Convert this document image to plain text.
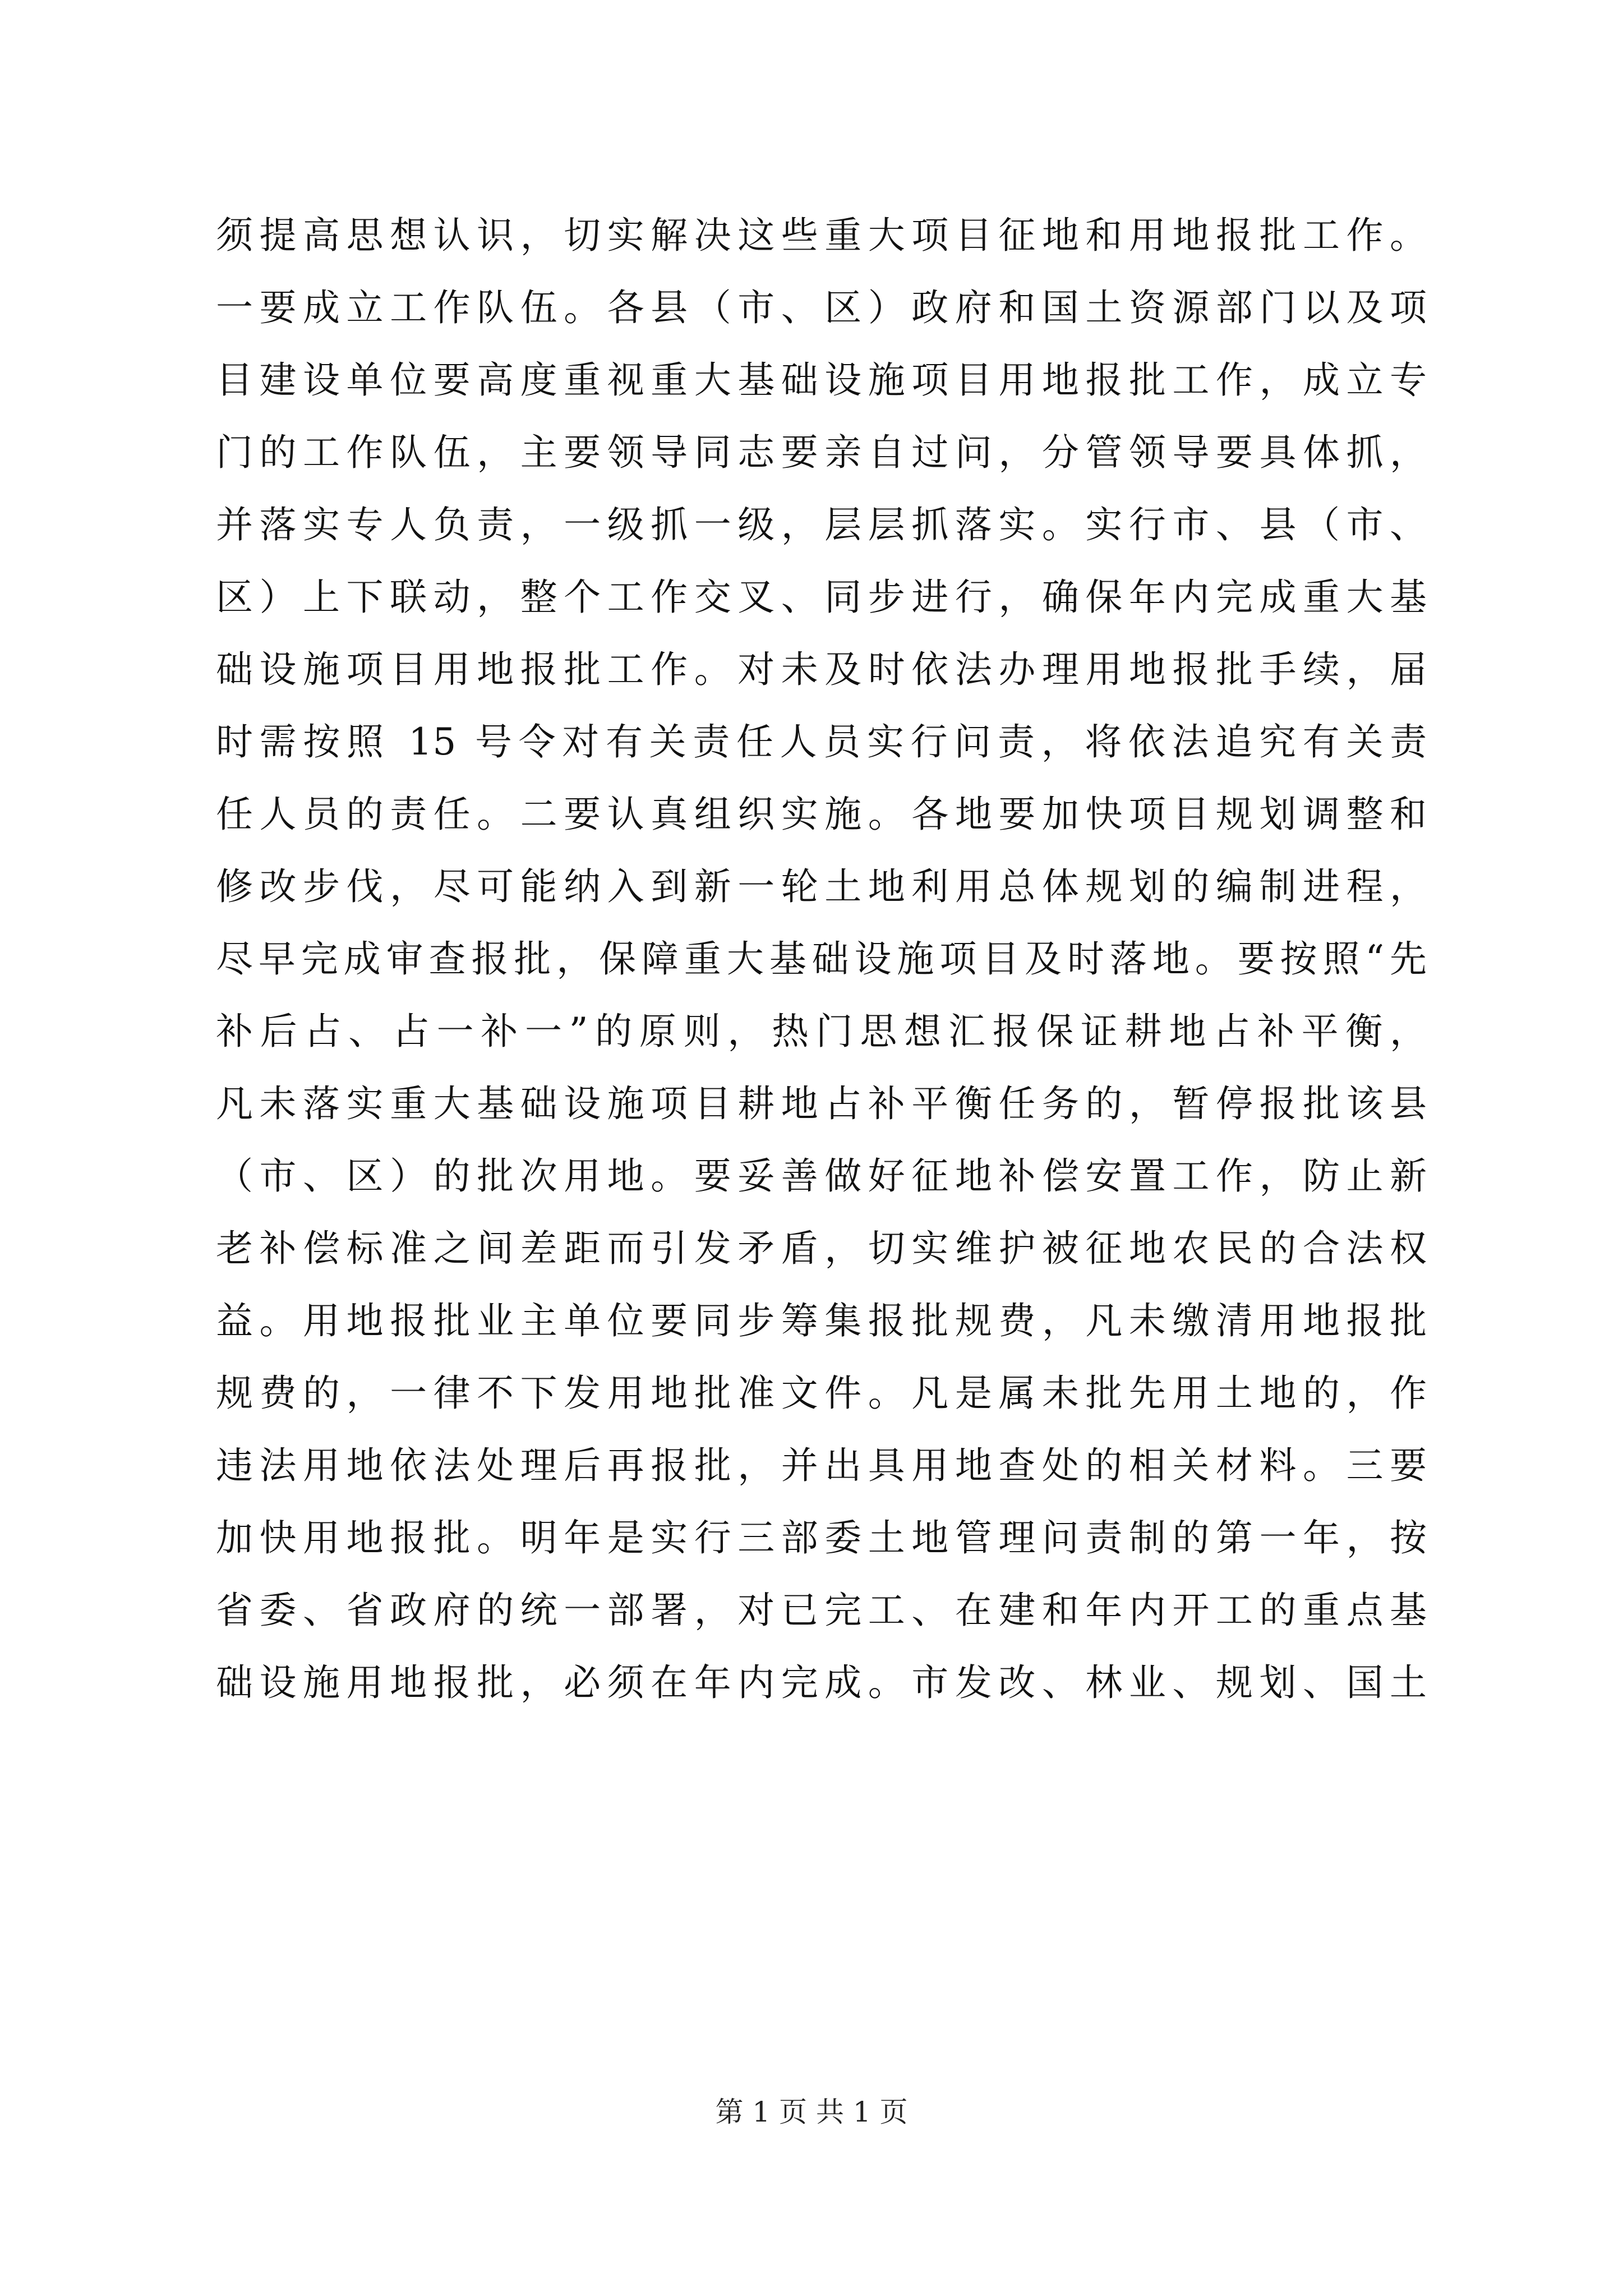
须提高思想认识，切实解决这些重大项目征地和用地报批工作。
一要成立工作队伍。各县（市、区）政府和国土资源部门以及项
目建设单位要高度重视重大基础设施项目用地报批工作，成立专
门的工作队伍，主要领导同志要亲自过问，分管领导要具体抓，
并落实专人负责，一级抓一级，层层抓落实。实行市、县（市、
区）上下联动，整个工作交叉、同步进行，确保年内完成重大基
础设施项目用地报批工作。对未及时依法办理用地报批手续，届
时需按照 15 号令对有关责任人员实行问责，将依法追究有关责
任人员的责任。二要认真组织实施。各地要加快项目规划调整和
修改步伐，尽可能纳入到新一轮土地利用总体规划的编制进程，
尽早完成审查报批，保障重大基础设施项目及时落地。要按照“先
补后占、占一补一”的原则，热门思想汇报保证耕地占补平衡，
凡未落实重大基础设施项目耕地占补平衡任务的，暂停报批该县
（市、区）的批次用地。要妥善做好征地补偿安置工作，防止新
老补偿标准之间差距而引发矛盾，切实维护被征地农民的合法权
益。用地报批业主单位要同步筹集报批规费，凡未缴清用地报批
规费的，一律不下发用地批准文件。凡是属未批先用土地的，作
违法用地依法处理后再报批，并出具用地查处的相关材料。三要
加快用地报批。明年是实行三部委土地管理问责制的第一年，按
省委、省政府的统一部署，对已完工、在建和年内开工的重点基
础设施用地报批，必须在年内完成。市发改、林业、规划、国土
第 1 页 共 1 页
